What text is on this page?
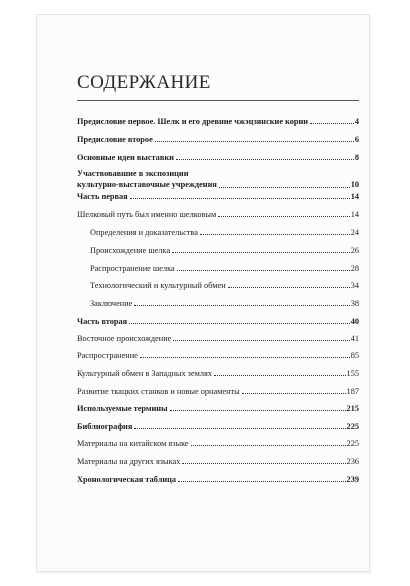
СОДЕРЖАНИЕ
Предисловие первое. Шелк и его древние чжэцзянские корни	4
Предисловие второе	6
Основные идеи выставки	8
Участвовавшие в экспозиции
культурно-выставочные учреждения	10
Часть первая	14
Шелковый путь был именно шелковым	14
Определения и доказательства	24
Происхождение шелка	26
Распространение шелка	28
Технологический и культурный обмен	34
Заключение	38
Часть вторая	40
Восточное происхождение	41
Распространение	85
Культурный обмен в Западных землях	155
Развитие ткацких станков и новые орнаменты	187
Используемые термины	215
Библиография	225
Материалы на китайском языке	225
Материалы на других языках	236
Хронологическая таблица	239
